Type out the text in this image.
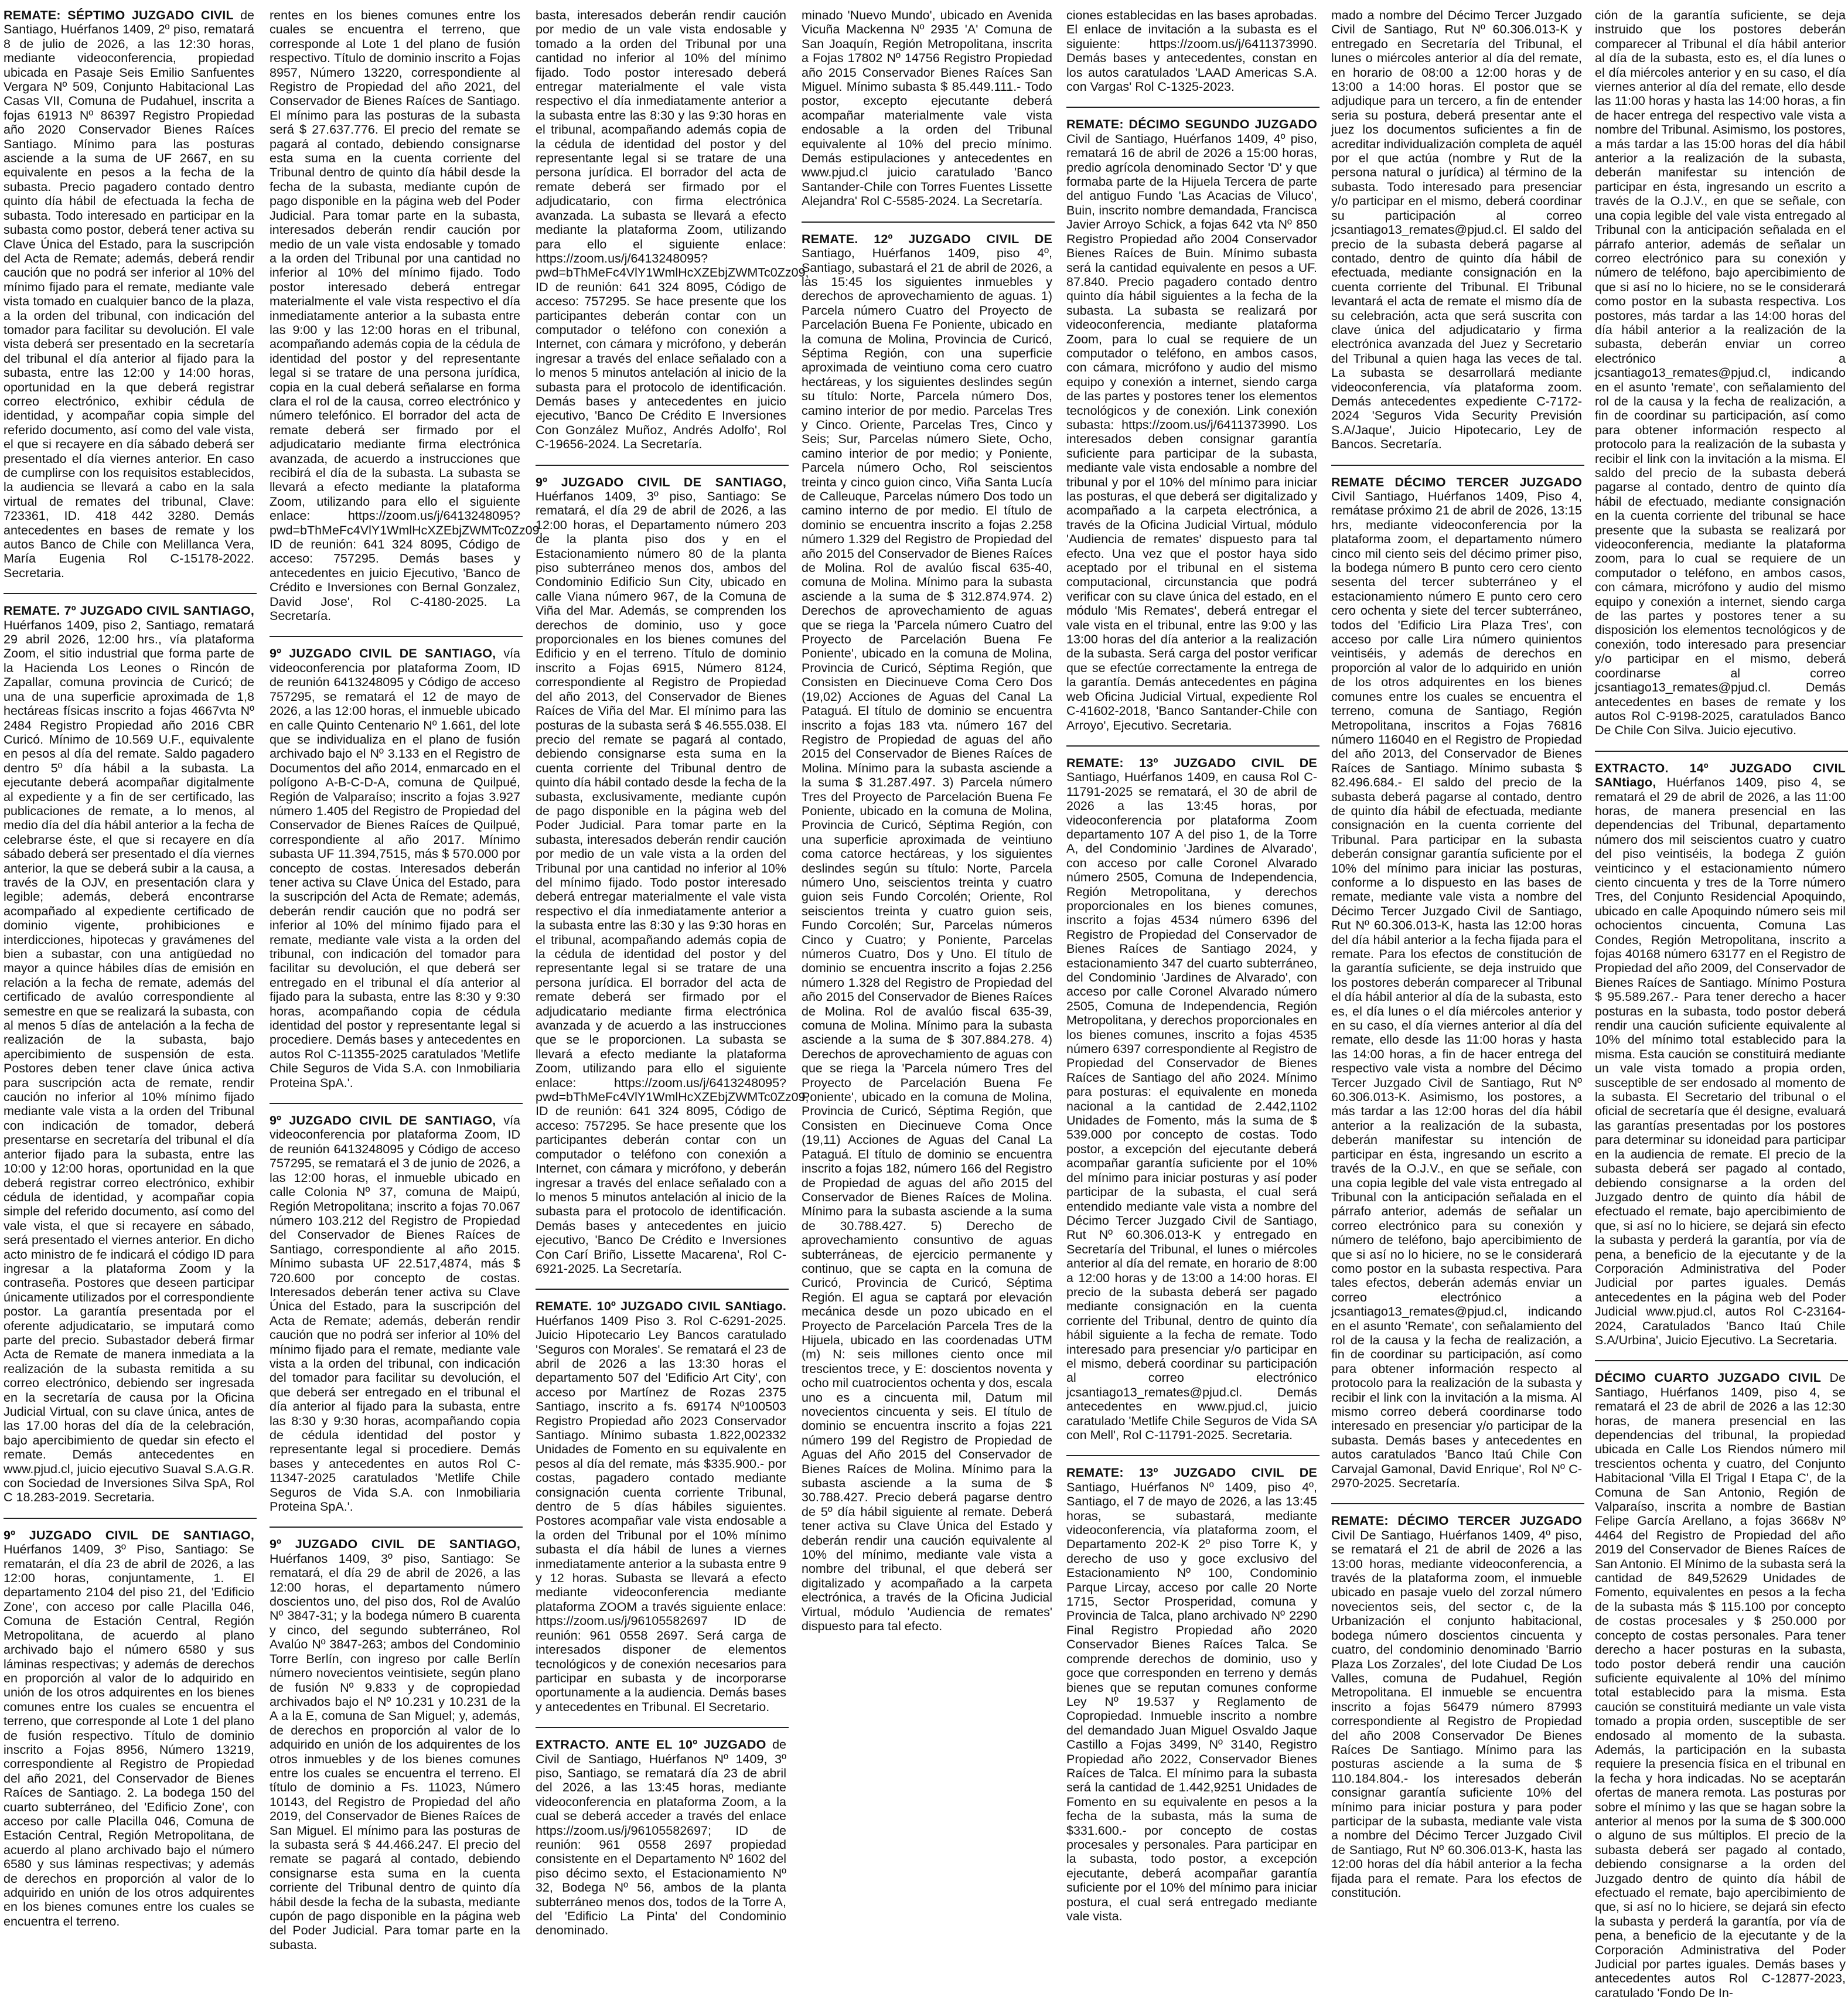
REMATE: SÉPTIMO JUZGADO CIVIL de Santiago, Huérfanos 1409, 2º piso, rematará 8 de julio de 2026, a las 12:30 horas, mediante videoconferencia, propiedad ubicada en Pasaje Seis Emilio Sanfuentes Vergara Nº 509, Conjunto Habitacional Las Casas VII, Comuna de Pudahuel, inscrita a fojas 61913 Nº 86397 Registro Propiedad año 2020 Conservador Bienes Raíces Santiago. Mínimo para las posturas asciende a la suma de UF 2667, en su equivalente en pesos a la fecha de la subasta. Precio pagadero contado dentro quinto día hábil de efectuada la fecha de subasta. Todo interesado en participar en la subasta como postor, deberá tener activa su Clave Única del Estado, para la suscripción del Acta de Remate; además, deberá rendir caución que no podrá ser inferior al 10% del mínimo fijado para el remate, mediante vale vista tomado en cualquier banco de la plaza, a la orden del tribunal, con indicación del tomador para facilitar su devolución. El vale vista deberá ser presentado en la secretaría del tribunal el día anterior al fijado para la subasta, entre las 12:00 y 14:00 horas, oportunidad en la que deberá registrar correo electrónico, exhibir cédula de identidad, y acompañar copia simple del referido documento, así como del vale vista, el que si recayere en día sábado deberá ser presentado el día viernes anterior. En caso de cumplirse con los requisitos establecidos, la audiencia se llevará a cabo en la sala virtual de remates del tribunal, Clave: 723361, ID. 418 442 3280. Demás antecedentes en bases de remate y los autos Banco de Chile con Melillanca Vera, María Eugenia Rol C-15178-2022. Secretaria.

REMATE. 7º JUZGADO CIVIL SANTIAGO, Huérfanos 1409, piso 2, Santiago, rematará 29 abril 2026, 12:00 hrs., vía plataforma Zoom, el sitio industrial que forma parte de la Hacienda Los Leones o Rincón de Zapallar, comuna provincia de Curicó; de una de una superficie aproximada de 1,8 hectáreas físicas inscrito a fojas 4667vta Nº 2484 Registro Propiedad año 2016 CBR Curicó. Mínimo de 10.569 U.F., equivalente en pesos al día del remate. Saldo pagadero dentro 5º día hábil a la subasta. La ejecutante deberá acompañar digitalmente al expediente y a fin de ser certificado, las publicaciones de remate, a lo menos, al medio día del día hábil anterior a la fecha de celebrarse éste, el que si recayere en día sábado deberá ser presentado el día viernes anterior, la que se deberá subir a la causa, a través de la OJV, en presentación clara y legible; además, deberá encontrarse acompañado al expediente certificado de dominio vigente, prohibiciones e interdicciones, hipotecas y gravámenes del bien a subastar, con una antigüedad no mayor a quince hábiles días de emisión en relación a la fecha de remate, además del certificado de avalúo correspondiente al semestre en que se realizará la subasta, con al menos 5 días de antelación a la fecha de realización de la subasta, bajo apercibimiento de suspensión de esta. Postores deben tener clave única activa para suscripción acta de remate, rendir caución no inferior al 10% mínimo fijado mediante vale vista a la orden del Tribunal con indicación de tomador, deberá presentarse en secretaría del tribunal el día anterior fijado para la subasta, entre las 10:00 y 12:00 horas, oportunidad en la que deberá registrar correo electrónico, exhibir cédula de identidad, y acompañar copia simple del referido documento, así como del vale vista, el que si recayere en sábado, será presentado el viernes anterior. En dicho acto ministro de fe indicará el código ID para ingresar a la plataforma Zoom y la contraseña. Postores que deseen participar únicamente utilizados por el correspondiente postor. La garantía presentada por el oferente adjudicatario, se imputará como parte del precio. Subastador deberá firmar Acta de Remate de manera inmediata a la realización de la subasta remitida a su correo electrónico, debiendo ser ingresada en la secretaría de causa por la Oficina Judicial Virtual, con su clave única, antes de las 17.00 horas del día de la celebración, bajo apercibimiento de quedar sin efecto el remate. Demás antecedentes en www.pjud.cl, juicio ejecutivo Suaval S.A.G.R. con Sociedad de Inversiones Silva SpA, Rol C 18.283-2019. Secretaria.

9º JUZGADO CIVIL DE SANTIAGO, Huérfanos 1409, 3º Piso, Santiago: Se rematarán, el día 23 de abril de 2026, a las 12:00 horas, conjuntamente, 1. El departamento 2104 del piso 21, del 'Edificio Zone', con acceso por calle Placilla 046, Comuna de Estación Central, Región Metropolitana, de acuerdo al plano archivado bajo el número 6580 y sus láminas respectivas; y además de derechos en proporción al valor de lo adquirido en unión de los otros adquirentes en los bienes comunes entre los cuales se encuentra el terreno, que corresponde al Lote 1 del plano de fusión respectivo. Título de dominio inscrito a Fojas 8956, Número 13219, correspondiente al Registro de Propiedad del año 2021, del Conservador de Bienes Raíces de Santiago. 2. La bodega 150 del cuarto subterráneo, del 'Edificio Zone', con acceso por calle Placilla 046, Comuna de Estación Central, Región Metropolitana, de acuerdo al plano archivado bajo el número 6580 y sus láminas respectivas; y además de derechos en proporción al valor de lo adquirido en unión de los otros adquirentes en los bienes comunes entre los cuales se encuentra el terreno.

rentes en los bienes comunes entre los cuales se encuentra el terreno, que corresponde al Lote 1 del plano de fusión respectivo. Título de dominio inscrito a Fojas 8957, Número 13220, correspondiente al Registro de Propiedad del año 2021, del Conservador de Bienes Raíces de Santiago. El mínimo para las posturas de la subasta será $ 27.637.776. El precio del remate se pagará al contado, debiendo consignarse esta suma en la cuenta corriente del Tribunal dentro de quinto día hábil desde la fecha de la subasta, mediante cupón de pago disponible en la página web del Poder Judicial. Para tomar parte en la subasta, interesados deberán rendir caución por medio de un vale vista endosable y tomado a la orden del Tribunal por una cantidad no inferior al 10% del mínimo fijado. Todo postor interesado deberá entregar materialmente el vale vista respectivo el día inmediatamente anterior a la subasta entre las 9:00 y las 12:00 horas en el tribunal, acompañando además copia de la cédula de identidad del postor y del representante legal si se tratare de una persona jurídica, copia en la cual deberá señalarse en forma clara el rol de la causa, correo electrónico y número telefónico. El borrador del acta de remate deberá ser firmado por el adjudicatario mediante firma electrónica avanzada, de acuerdo a instrucciones que recibirá el día de la subasta. La subasta se llevará a efecto mediante la plataforma Zoom, utilizando para ello el siguiente enlace: https://zoom.us/j/6413248095?pwd=bThMeFc4VlY1WmlHcXZEbjZWMTc0Zz09, ID de reunión: 641 324 8095, Código de acceso: 757295. Demás bases y antecedentes en juicio Ejecutivo, 'Banco de Crédito e Inversiones con Bernal Gonzalez, David Jose', Rol C-4180-2025. La Secretaría.

9º JUZGADO CIVIL DE SANTIAGO, vía videoconferencia por plataforma Zoom, ID de reunión 6413248095 y Código de acceso 757295, se rematará el 12 de mayo de 2026, a las 12:00 horas, el inmueble ubicado en calle Quinto Centenario Nº 1.661, del lote que se individualiza en el plano de fusión archivado bajo el Nº 3.133 en el Registro de Documentos del año 2014, enmarcado en el polígono A-B-C-D-A, comuna de Quilpué, Región de Valparaíso; inscrito a fojas 3.927 número 1.405 del Registro de Propiedad del Conservador de Bienes Raíces de Quilpué, correspondiente al año 2017. Mínimo subasta UF 11.394,7515, más $ 570.000 por concepto de costas. Interesados deberán tener activa su Clave Única del Estado, para la suscripción del Acta de Remate; además, deberán rendir caución que no podrá ser inferior al 10% del mínimo fijado para el remate, mediante vale vista a la orden del tribunal, con indicación del tomador para facilitar su devolución, el que deberá ser entregado en el tribunal el día anterior al fijado para la subasta, entre las 8:30 y 9:30 horas, acompañando copia de cédula identidad del postor y representante legal si procediere. Demás bases y antecedentes en autos Rol C-11355-2025 caratulados 'Metlife Chile Seguros de Vida S.A. con Inmobiliaria Proteina SpA.'.

9º JUZGADO CIVIL DE SANTIAGO, vía videoconferencia por plataforma Zoom, ID de reunión 6413248095 y Código de acceso 757295, se rematará el 3 de junio de 2026, a las 12:00 horas, el inmueble ubicado en calle Colonia Nº 37, comuna de Maipú, Región Metropolitana; inscrito a fojas 70.067 número 103.212 del Registro de Propiedad del Conservador de Bienes Raíces de Santiago, correspondiente al año 2015. Mínimo subasta UF 22.517,4874, más $ 720.600 por concepto de costas. Interesados deberán tener activa su Clave Única del Estado, para la suscripción del Acta de Remate; además, deberán rendir caución que no podrá ser inferior al 10% del mínimo fijado para el remate, mediante vale vista a la orden del tribunal, con indicación del tomador para facilitar su devolución, el que deberá ser entregado en el tribunal el día anterior al fijado para la subasta, entre las 8:30 y 9:30 horas, acompañando copia de cédula identidad del postor y representante legal si procediere. Demás bases y antecedentes en autos Rol C-11347-2025 caratulados 'Metlife Chile Seguros de Vida S.A. con Inmobiliaria Proteina SpA.'.

9º JUZGADO CIVIL DE SANTIAGO, Huérfanos 1409, 3º piso, Santiago: Se rematará, el día 29 de abril de 2026, a las 12:00 horas, el departamento número doscientos uno, del piso dos, Rol de Avalúo Nº 3847-31; y la bodega número B cuarenta y cinco, del segundo subterráneo, Rol Avalúo Nº 3847-263; ambos del Condominio Torre Berlín, con ingreso por calle Berlín número novecientos veintisiete, según plano de fusión Nº 9.833 y de copropiedad archivados bajo el Nº 10.231 y 10.231 de la A a la E, comuna de San Miguel; y, además, de derechos en proporción al valor de lo adquirido en unión de los adquirentes de los otros inmuebles y de los bienes comunes entre los cuales se encuentra el terreno. El título de dominio a Fs. 11023, Número 10143, del Registro de Propiedad del año 2019, del Conservador de Bienes Raíces de San Miguel. El mínimo para las posturas de la subasta será $ 44.466.247. El precio del remate se pagará al contado, debiendo consignarse esta suma en la cuenta corriente del Tribunal dentro de quinto día hábil desde la fecha de la subasta, mediante cupón de pago disponible en la página web del Poder Judicial. Para tomar parte en la subasta.

basta, interesados deberán rendir caución por medio de un vale vista endosable y tomado a la orden del Tribunal por una cantidad no inferior al 10% del mínimo fijado. Todo postor interesado deberá entregar materialmente el vale vista respectivo el día inmediatamente anterior a la subasta entre las 8:30 y las 9:30 horas en el tribunal, acompañando además copia de la cédula de identidad del postor y del representante legal si se tratare de una persona jurídica. El borrador del acta de remate deberá ser firmado por el adjudicatario, con firma electrónica avanzada. La subasta se llevará a efecto mediante la plataforma Zoom, utilizando para ello el siguiente enlace: https://zoom.us/j/6413248095?pwd=bThMeFc4VlY1WmlHcXZEbjZWMTc0Zz09, ID de reunión: 641 324 8095, Código de acceso: 757295. Se hace presente que los participantes deberán contar con un computador o teléfono con conexión a Internet, con cámara y micrófono, y deberán ingresar a través del enlace señalado con a lo menos 5 minutos antelación al inicio de la subasta para el protocolo de identificación. Demás bases y antecedentes en juicio ejecutivo, 'Banco De Crédito E Inversiones Con González Muñoz, Andrés Adolfo', Rol C-19656-2024. La Secretaría.

9º JUZGADO CIVIL DE SANTIAGO, Huérfanos 1409, 3º piso, Santiago: Se rematará, el día 29 de abril de 2026, a las 12:00 horas, el Departamento número 203 de la planta piso dos y en el Estacionamiento número 80 de la planta piso subterráneo menos dos, ambos del Condominio Edificio Sun City, ubicado en calle Viana número 967, de la Comuna de Viña del Mar. Además, se comprenden los derechos de dominio, uso y goce proporcionales en los bienes comunes del Edificio y en el terreno. Título de dominio inscrito a Fojas 6915, Número 8124, correspondiente al Registro de Propiedad del año 2013, del Conservador de Bienes Raíces de Viña del Mar. El mínimo para las posturas de la subasta será $ 46.555.038. El precio del remate se pagará al contado, debiendo consignarse esta suma en la cuenta corriente del Tribunal dentro de quinto día hábil contado desde la fecha de la subasta, exclusivamente, mediante cupón de pago disponible en la página web del Poder Judicial. Para tomar parte en la subasta, interesados deberán rendir caución por medio de un vale vista a la orden del Tribunal por una cantidad no inferior al 10% del mínimo fijado. Todo postor interesado deberá entregar materialmente el vale vista respectivo el día inmediatamente anterior a la subasta entre las 8:30 y las 9:30 horas en el tribunal, acompañando además copia de la cédula de identidad del postor y del representante legal si se tratare de una persona jurídica. El borrador del acta de remate deberá ser firmado por el adjudicatario mediante firma electrónica avanzada y de acuerdo a las instrucciones que se le proporcionen. La subasta se llevará a efecto mediante la plataforma Zoom, utilizando para ello el siguiente enlace: https://zoom.us/j/6413248095?pwd=bThMeFc4VlY1WmlHcXZEbjZWMTc0Zz09, ID de reunión: 641 324 8095, Código de acceso: 757295. Se hace presente que los participantes deberán contar con un computador o teléfono con conexión a Internet, con cámara y micrófono, y deberán ingresar a través del enlace señalado con a lo menos 5 minutos antelación al inicio de la subasta para el protocolo de identificación. Demás bases y antecedentes en juicio ejecutivo, 'Banco De Crédito e Inversiones Con Carí Briño, Lissette Macarena', Rol C-6921-2025. La Secretaría.

REMATE. 10º JUZGADO CIVIL SANtiago. Huérfanos 1409 Piso 3. Rol C-6291-2025. Juicio Hipotecario Ley Bancos caratulado 'Seguros con Morales'. Se rematará el 23 de abril de 2026 a las 13:30 horas el departamento 507 del 'Edificio Art City', con acceso por Martínez de Rozas 2375 Santiago, inscrito a fs. 69174 Nº100503 Registro Propiedad año 2023 Conservador Santiago. Mínimo subasta 1.822,002332 Unidades de Fomento en su equivalente en pesos al día del remate, más $335.900.- por costas, pagadero contado mediante consignación cuenta corriente Tribunal, dentro de 5 días hábiles siguientes. Postores acompañar vale vista endosable a la orden del Tribunal por el 10% mínimo subasta el día hábil de lunes a viernes inmediatamente anterior a la subasta entre 9 y 12 horas. Subasta se llevará a efecto mediante videoconferencia mediante plataforma ZOOM a través siguiente enlace: https://zoom.us/j/96105582697 ID de reunión: 961 0558 2697. Será carga de interesados disponer de elementos tecnológicos y de conexión necesarios para participar en subasta y de incorporarse oportunamente a la audiencia. Demás bases y antecedentes en Tribunal. El Secretario.

EXTRACTO. ANTE EL 10º JUZGADO de Civil de Santiago, Huérfanos Nº 1409, 3º piso, Santiago, se rematará día 23 de abril del 2026, a las 13:45 horas, mediante videoconferencia en plataforma Zoom, a la cual se deberá acceder a través del enlace https://zoom.us/j/96105582697; ID de reunión: 961 0558 2697 propiedad consistente en el Departamento Nº 1602 del piso décimo sexto, el Estacionamiento Nº 32, Bodega Nº 56, ambos de la planta subterráneo menos dos, todos de la Torre A, del 'Edificio La Pinta' del Condominio denominado.

minado 'Nuevo Mundo', ubicado en Avenida Vicuña Mackenna Nº 2935 'A' Comuna de San Joaquín, Región Metropolitana, inscrita a Fojas 17802 Nº 14756 Registro Propiedad año 2015 Conservador Bienes Raíces San Miguel. Mínimo subasta $ 85.449.111.- Todo postor, excepto ejecutante deberá acompañar materialmente vale vista endosable a la orden del Tribunal equivalente al 10% del precio mínimo. Demás estipulaciones y antecedentes en www.pjud.cl juicio caratulado 'Banco Santander-Chile con Torres Fuentes Lissette Alejandra' Rol C-5585-2024. La Secretaría.

REMATE. 12º JUZGADO CIVIL DE Santiago, Huérfanos 1409, piso 4º, Santiago, subastará el 21 de abril de 2026, a las 15:45 los siguientes inmuebles y derechos de aprovechamiento de aguas. 1) Parcela número Cuatro del Proyecto de Parcelación Buena Fe Poniente, ubicado en la comuna de Molina, Provincia de Curicó, Séptima Región, con una superficie aproximada de veintiuno coma cero cuatro hectáreas, y los siguientes deslindes según su título: Norte, Parcela número Dos, camino interior de por medio. Parcelas Tres y Cinco. Oriente, Parcelas Tres, Cinco y Seis; Sur, Parcelas número Siete, Ocho, camino interior de por medio; y Poniente, Parcela número Ocho, Rol seiscientos treinta y cinco guion cinco, Viña Santa Lucía de Calleuque, Parcelas número Dos todo un camino interno de por medio. El título de dominio se encuentra inscrito a fojas 2.258 número 1.329 del Registro de Propiedad del año 2015 del Conservador de Bienes Raíces de Molina. Rol de avalúo fiscal 635-40, comuna de Molina. Mínimo para la subasta asciende a la suma de $ 312.874.974. 2) Derechos de aprovechamiento de aguas que se riega la 'Parcela número Cuatro del Proyecto de Parcelación Buena Fe Poniente', ubicado en la comuna de Molina, Provincia de Curicó, Séptima Región, que Consisten en Diecinueve Coma Cero Dos (19,02) Acciones de Aguas del Canal La Pataguá. El título de dominio se encuentra inscrito a fojas 183 vta. número 167 del Registro de Propiedad de aguas del año 2015 del Conservador de Bienes Raíces de Molina. Mínimo para la subasta asciende a la suma $ 31.287.497. 3) Parcela número Tres del Proyecto de Parcelación Buena Fe Poniente, ubicado en la comuna de Molina, Provincia de Curicó, Séptima Región, con una superficie aproximada de veintiuno coma catorce hectáreas, y los siguientes deslindes según su título: Norte, Parcela número Uno, seiscientos treinta y cuatro guion seis Fundo Corcolén; Oriente, Rol seiscientos treinta y cuatro guion seis, Fundo Corcolén; Sur, Parcelas números Cinco y Cuatro; y Poniente, Parcelas números Cuatro, Dos y Uno. El título de dominio se encuentra inscrito a fojas 2.256 número 1.328 del Registro de Propiedad del año 2015 del Conservador de Bienes Raíces de Molina. Rol de avalúo fiscal 635-39, comuna de Molina. Mínimo para la subasta asciende a la suma de $ 307.884.278. 4) Derechos de aprovechamiento de aguas con que se riega la 'Parcela número Tres del Proyecto de Parcelación Buena Fe Poniente', ubicado en la comuna de Molina, Provincia de Curicó, Séptima Región, que Consisten en Diecinueve Coma Once (19,11) Acciones de Aguas del Canal La Pataguá. El título de dominio se encuentra inscrito a fojas 182, número 166 del Registro de Propiedad de aguas del año 2015 del Conservador de Bienes Raíces de Molina. Mínimo para la subasta asciende a la suma de 30.788.427. 5) Derecho de aprovechamiento consuntivo de aguas subterráneas, de ejercicio permanente y continuo, que se capta en la comuna de Curicó, Provincia de Curicó, Séptima Región. El agua se captará por elevación mecánica desde un pozo ubicado en el Proyecto de Parcelación Parcela Tres de la Hijuela, ubicado en las coordenadas UTM (m) N: seis millones ciento once mil trescientos trece, y E: doscientos noventa y ocho mil cuatrocientos ochenta y dos, escala uno es a cincuenta mil, Datum mil novecientos cincuenta y seis. El título de dominio se encuentra inscrito a fojas 221 número 199 del Registro de Propiedad de Aguas del Año 2015 del Conservador de Bienes Raíces de Molina. Mínimo para la subasta asciende a la suma de $ 30.788.427. Precio deberá pagarse dentro de 5º día hábil siguiente al remate. Deberá tener activa su Clave Única del Estado y deberán rendir una caución equivalente al 10% del mínimo, mediante vale vista a nombre del tribunal, el que deberá ser digitalizado y acompañado a la carpeta electrónica, a través de la Oficina Judicial Virtual, módulo 'Audiencia de remates' dispuesto para tal efecto.

ciones establecidas en las bases aprobadas. El enlace de invitación a la subasta es el siguiente: https://zoom.us/j/6411373990. Demás bases y antecedentes, constan en los autos caratulados 'LAAD Americas S.A. con Vargas' Rol C-1325-2023.

REMATE: DÉCIMO SEGUNDO JUZGADO Civil de Santiago, Huérfanos 1409, 4º piso, rematará 16 de abril de 2026 a 15:00 horas, predio agrícola denominado Sector 'D' y que formaba parte de la Hijuela Tercera de parte del antiguo Fundo 'Las Acacias de Viluco', Buin, inscrito nombre demandada, Francisca Javier Arroyo Schick, a fojas 642 vta Nº 850 Registro Propiedad año 2004 Conservador Bienes Raíces de Buin. Mínimo subasta será la cantidad equivalente en pesos a UF. 87.840. Precio pagadero contado dentro quinto día hábil siguientes a la fecha de la subasta. La subasta se realizará por videoconferencia, mediante plataforma Zoom, para lo cual se requiere de un computador o teléfono, en ambos casos, con cámara, micrófono y audio del mismo equipo y conexión a internet, siendo carga de las partes y postores tener los elementos tecnológicos y de conexión. Link conexión subasta: https://zoom.us/j/6411373990. Los interesados deben consignar garantía suficiente para participar de la subasta, mediante vale vista endosable a nombre del tribunal y por el 10% del mínimo para iniciar las posturas, el que deberá ser digitalizado y acompañado a la carpeta electrónica, a través de la Oficina Judicial Virtual, módulo 'Audiencia de remates' dispuesto para tal efecto. Una vez que el postor haya sido aceptado por el tribunal en el sistema computacional, circunstancia que podrá verificar con su clave única del estado, en el módulo 'Mis Remates', deberá entregar el vale vista en el tribunal, entre las 9:00 y las 13:00 horas del día anterior a la realización de la subasta. Será carga del postor verificar que se efectúe correctamente la entrega de la garantía. Demás antecedentes en página web Oficina Judicial Virtual, expediente Rol C-41602-2018, 'Banco Santander-Chile con Arroyo', Ejecutivo. Secretaria.

REMATE: 13º JUZGADO CIVIL DE Santiago, Huérfanos 1409, en causa Rol C-11791-2025 se rematará, el 30 de abril de 2026 a las 13:45 horas, por videoconferencia por plataforma Zoom departamento 107 A del piso 1, de la Torre A, del Condominio 'Jardines de Alvarado', con acceso por calle Coronel Alvarado número 2505, Comuna de Independencia, Región Metropolitana, y derechos proporcionales en los bienes comunes, inscrito a fojas 4534 número 6396 del Registro de Propiedad del Conservador de Bienes Raíces de Santiago 2024, y estacionamiento 347 del cuarto subterráneo, del Condominio 'Jardines de Alvarado', con acceso por calle Coronel Alvarado número 2505, Comuna de Independencia, Región Metropolitana, y derechos proporcionales en los bienes comunes, inscrito a fojas 4535 número 6397 correspondiente al Registro de Propiedad del Conservador de Bienes Raíces de Santiago del año 2024. Mínimo para posturas: el equivalente en moneda nacional a la cantidad de 2.442,1102 Unidades de Fomento, más la suma de $ 539.000 por concepto de costas. Todo postor, a excepción del ejecutante deberá acompañar garantía suficiente por el 10% del mínimo para iniciar posturas y así poder participar de la subasta, el cual será entendido mediante vale vista a nombre del Décimo Tercer Juzgado Civil de Santiago, Rut Nº 60.306.013-K y entregado en Secretaría del Tribunal, el lunes o miércoles anterior al día del remate, en horario de 8:00 a 12:00 horas y de 13:00 a 14:00 horas. El precio de la subasta deberá ser pagado mediante consignación en la cuenta corriente del Tribunal, dentro de quinto día hábil siguiente a la fecha de remate. Todo interesado para presenciar y/o participar en el mismo, deberá coordinar su participación al correo electrónico jcsantiago13_remates@pjud.cl. Demás antecedentes en www.pjud.cl, juicio caratulado 'Metlife Chile Seguros de Vida SA con Mell', Rol C-11791-2025. Secretaria.

REMATE: 13º JUZGADO CIVIL DE Santiago, Huérfanos Nº 1409, piso 4º, Santiago, el 7 de mayo de 2026, a las 13:45 horas, se subastará, mediante videoconferencia, vía plataforma zoom, el Departamento 202-K 2º piso Torre K, y derecho de uso y goce exclusivo del Estacionamiento Nº 100, Condominio Parque Lircay, acceso por calle 20 Norte 1715, Sector Prosperidad, comuna y Provincia de Talca, plano archivado Nº 2290 Final Registro Propiedad año 2020 Conservador Bienes Raíces Talca. Se comprende derechos de dominio, uso y goce que corresponden en terreno y demás bienes que se reputan comunes conforme Ley Nº 19.537 y Reglamento de Copropiedad. Inmueble inscrito a nombre del demandado Juan Miguel Osvaldo Jaque Castillo a Fojas 3499, Nº 3140, Registro Propiedad año 2022, Conservador Bienes Raíces de Talca. El mínimo para la subasta será la cantidad de 1.442,9251 Unidades de Fomento en su equivalente en pesos a la fecha de la subasta, más la suma de $331.600.- por concepto de costas procesales y personales. Para participar en la subasta, todo postor, a excepción ejecutante, deberá acompañar garantía suficiente por el 10% del mínimo para iniciar postura, el cual será entregado mediante vale vista.

mado a nombre del Décimo Tercer Juzgado Civil de Santiago, Rut Nº 60.306.013-K y entregado en Secretaría del Tribunal, el lunes o miércoles anterior al día del remate, en horario de 08:00 a 12:00 horas y de 13:00 a 14:00 horas. El postor que se adjudique para un tercero, a fin de entender seria su postura, deberá presentar ante el juez los documentos suficientes a fin de acreditar individualización completa de aquél por el que actúa (nombre y Rut de la persona natural o jurídica) al término de la subasta. Todo interesado para presenciar y/o participar en el mismo, deberá coordinar su participación al correo jcsantiago13_remates@pjud.cl. El saldo del precio de la subasta deberá pagarse al contado, dentro de quinto día hábil de efectuada, mediante consignación en la cuenta corriente del Tribunal. El Tribunal levantará el acta de remate el mismo día de su celebración, acta que será suscrita con clave única del adjudicatario y firma electrónica avanzada del Juez y Secretario del Tribunal a quien haga las veces de tal. La subasta se desarrollará mediante videoconferencia, vía plataforma zoom. Demás antecedentes expediente C-7172-2024 'Seguros Vida Security Previsión S.A/Jaque', Juicio Hipotecario, Ley de Bancos. Secretaría.

REMATE DÉCIMO TERCER JUZGADO Civil Santiago, Huérfanos 1409, Piso 4, remátase próximo 21 de abril de 2026, 13:15 hrs, mediante videoconferencia por la plataforma zoom, el departamento número cinco mil ciento seis del décimo primer piso, la bodega número B punto cero cero ciento sesenta del tercer subterráneo y el estacionamiento número E punto cero cero cero ochenta y siete del tercer subterráneo, todos del 'Edificio Lira Plaza Tres', con acceso por calle Lira número quinientos veintiséis, y además de derechos en proporción al valor de lo adquirido en unión de los otros adquirentes en los bienes comunes entre los cuales se encuentra el terreno, comuna de Santiago, Región Metropolitana, inscritos a Fojas 76816 número 116040 en el Registro de Propiedad del año 2013, del Conservador de Bienes Raíces de Santiago. Mínimo subasta $ 82.496.684.- El saldo del precio de la subasta deberá pagarse al contado, dentro de quinto día hábil de efectuada, mediante consignación en la cuenta corriente del Tribunal. Para participar en la subasta deberán consignar garantía suficiente por el 10% del mínimo para iniciar las posturas, conforme a lo dispuesto en las bases de remate, mediante vale vista a nombre del Décimo Tercer Juzgado Civil de Santiago, Rut Nº 60.306.013-K, hasta las 12:00 horas del día hábil anterior a la fecha fijada para el remate. Para los efectos de constitución de la garantía suficiente, se deja instruido que los postores deberán comparecer al Tribunal el día hábil anterior al día de la subasta, esto es, el día lunes o el día miércoles anterior y en su caso, el día viernes anterior al día del remate, ello desde las 11:00 horas y hasta las 14:00 horas, a fin de hacer entrega del respectivo vale vista a nombre del Décimo Tercer Juzgado Civil de Santiago, Rut Nº 60.306.013-K. Asimismo, los postores, a más tardar a las 12:00 horas del día hábil anterior a la realización de la subasta, deberán manifestar su intención de participar en ésta, ingresando un escrito a través de la O.J.V., en que se señale, con una copia legible del vale vista entregado al Tribunal con la anticipación señalada en el párrafo anterior, además de señalar un correo electrónico para su conexión y número de teléfono, bajo apercibimiento de que si así no lo hiciere, no se le considerará como postor en la subasta respectiva. Para tales efectos, deberán además enviar un correo electrónico a jcsantiago13_remates@pjud.cl, indicando en el asunto 'Remate', con señalamiento del rol de la causa y la fecha de realización, a fin de coordinar su participación, así como para obtener información respecto al protocolo para la realización de la subasta y recibir el link con la invitación a la misma. Al mismo correo deberá coordinarse todo interesado en presenciar y/o participar de la subasta. Demás bases y antecedentes en autos caratulados 'Banco Itaú Chile Con Carvajal Gamonal, David Enrique', Rol Nº C-2970-2025. Secretaría.

REMATE: DÉCIMO TERCER JUZGADO Civil De Santiago, Huérfanos 1409, 4º piso, se rematará el 21 de abril de 2026 a las 13:00 horas, mediante videoconferencia, a través de la plataforma zoom, el inmueble ubicado en pasaje vuelo del zorzal número novecientos seis, del sector c, de la Urbanización el conjunto habitacional, bodega número doscientos cincuenta y cuatro, del condominio denominado 'Barrio Plaza Los Zorzales', del lote Ciudad De Los Valles, comuna de Pudahuel, Región Metropolitana. El inmueble se encuentra inscrito a fojas 56479 número 87993 correspondiente al Registro de Propiedad del año 2008 Conservador De Bienes Raíces De Santiago. Mínimo para las posturas asciende a la suma de $ 110.184.804.- los interesados deberán consignar garantía suficiente 10% del mínimo para iniciar postura y para poder participar de la subasta, mediante vale vista a nombre del Décimo Tercer Juzgado Civil de Santiago, Rut Nº 60.306.013-K, hasta las 12:00 horas del día hábil anterior a la fecha fijada para el remate. Para los efectos de constitución.

ción de la garantía suficiente, se deja instruido que los postores deberán comparecer al Tribunal el día hábil anterior al día de la subasta, esto es, el día lunes o el día miércoles anterior y en su caso, el día viernes anterior al día del remate, ello desde las 11:00 horas y hasta las 14:00 horas, a fin de hacer entrega del respectivo vale vista a nombre del Tribunal. Asimismo, los postores, a más tardar a las 15:00 horas del día hábil anterior a la realización de la subasta, deberán manifestar su intención de participar en ésta, ingresando un escrito a través de la O.J.V., en que se señale, con una copia legible del vale vista entregado al Tribunal con la anticipación señalada en el párrafo anterior, además de señalar un correo electrónico para su conexión y número de teléfono, bajo apercibimiento de que si así no lo hiciere, no se le considerará como postor en la subasta respectiva. Los postores, más tardar a las 14:00 horas del día hábil anterior a la realización de la subasta, deberán enviar un correo electrónico a jcsantiago13_remates@pjud.cl, indicando en el asunto 'remate', con señalamiento del rol de la causa y la fecha de realización, a fin de coordinar su participación, así como para obtener información respecto al protocolo para la realización de la subasta y recibir el link con la invitación a la misma. El saldo del precio de la subasta deberá pagarse al contado, dentro de quinto día hábil de efectuado, mediante consignación en la cuenta corriente del tribunal se hace presente que la subasta se realizará por videoconferencia, mediante la plataforma zoom, para lo cual se requiere de un computador o teléfono, en ambos casos, con cámara, micrófono y audio del mismo equipo y conexión a internet, siendo carga de las partes y postores tener a su disposición los elementos tecnológicos y de conexión, todo interesado para presenciar y/o participar en el mismo, deberá coordinarse al correo jcsantiago13_remates@pjud.cl. Demás antecedentes en bases de remate y los autos Rol C-9198-2025, caratulados Banco De Chile Con Silva. Juicio ejecutivo.

EXTRACTO. 14º JUZGADO CIVIL SANtiago, Huérfanos 1409, piso 4, se rematará el 29 de abril de 2026, a las 11:00 horas, de manera presencial en las dependencias del Tribunal, departamento número dos mil seiscientos cuatro y cuatro del piso veintiséis, la bodega Z guión veinticinco y el estacionamiento número ciento cincuenta y tres de la Torre número Tres, del Conjunto Residencial Apoquindo, ubicado en calle Apoquindo número seis mil ochocientos cincuenta, Comuna Las Condes, Región Metropolitana, inscrito a fojas 40168 número 63177 en el Registro de Propiedad del año 2009, del Conservador de Bienes Raíces de Santiago. Mínimo Postura $ 95.589.267.- Para tener derecho a hacer posturas en la subasta, todo postor deberá rendir una caución suficiente equivalente al 10% del mínimo total establecido para la misma. Esta caución se constituirá mediante un vale vista tomado a propia orden, susceptible de ser endosado al momento de la subasta. El Secretario del tribunal o el oficial de secretaría que él designe, evaluará las garantías presentadas por los postores para determinar su idoneidad para participar en la audiencia de remate. El precio de la subasta deberá ser pagado al contado, debiendo consignarse a la orden del Juzgado dentro de quinto día hábil de efectuado el remate, bajo apercibimiento de que, si así no lo hiciere, se dejará sin efecto la subasta y perderá la garantía, por vía de pena, a beneficio de la ejecutante y de la Corporación Administrativa del Poder Judicial por partes iguales. Demás antecedentes en la página web del Poder Judicial www.pjud.cl, autos Rol C-23164-2024, Caratulados 'Banco Itaú Chile S.A/Urbina', Juicio Ejecutivo. La Secretaria.

DÉCIMO CUARTO JUZGADO CIVIL De Santiago, Huérfanos 1409, piso 4, se rematará el 23 de abril de 2026 a las 12:30 horas, de manera presencial en las dependencias del tribunal, la propiedad ubicada en Calle Los Riendos número mil trescientos ochenta y cuatro, del Conjunto Habitacional 'Villa El Trigal I Etapa C', de la Comuna de San Antonio, Región de Valparaíso, inscrita a nombre de Bastian Felipe García Arellano, a fojas 3668v Nº 4464 del Registro de Propiedad del año 2019 del Conservador de Bienes Raíces de San Antonio. El Mínimo de la subasta será la cantidad de 849,52629 Unidades de Fomento, equivalentes en pesos a la fecha de la subasta más $ 115.100 por concepto de costas procesales y $ 250.000 por concepto de costas personales. Para tener derecho a hacer posturas en la subasta, todo postor deberá rendir una caución suficiente equivalente al 10% del mínimo total establecido para la misma. Esta caución se constituirá mediante un vale vista tomado a propia orden, susceptible de ser endosado al momento de la subasta. Además, la participación en la subasta requiere la presencia física en el tribunal en la fecha y hora indicadas. No se aceptarán ofertas de manera remota. Las posturas por sobre el mínimo y las que se hagan sobre la anterior al menos por la suma de $ 300.000 o alguno de sus múltiplos. El precio de la subasta deberá ser pagado al contado, debiendo consignarse a la orden del Juzgado dentro de quinto día hábil de efectuado el remate, bajo apercibimiento de que, si así no lo hiciere, se dejará sin efecto la subasta y perderá la garantía, por vía de pena, a beneficio de la ejecutante y de la Corporación Administrativa del Poder Judicial por partes iguales. Demás bases y antecedentes autos Rol C-12877-2023, caratulado 'Fondo De In-
